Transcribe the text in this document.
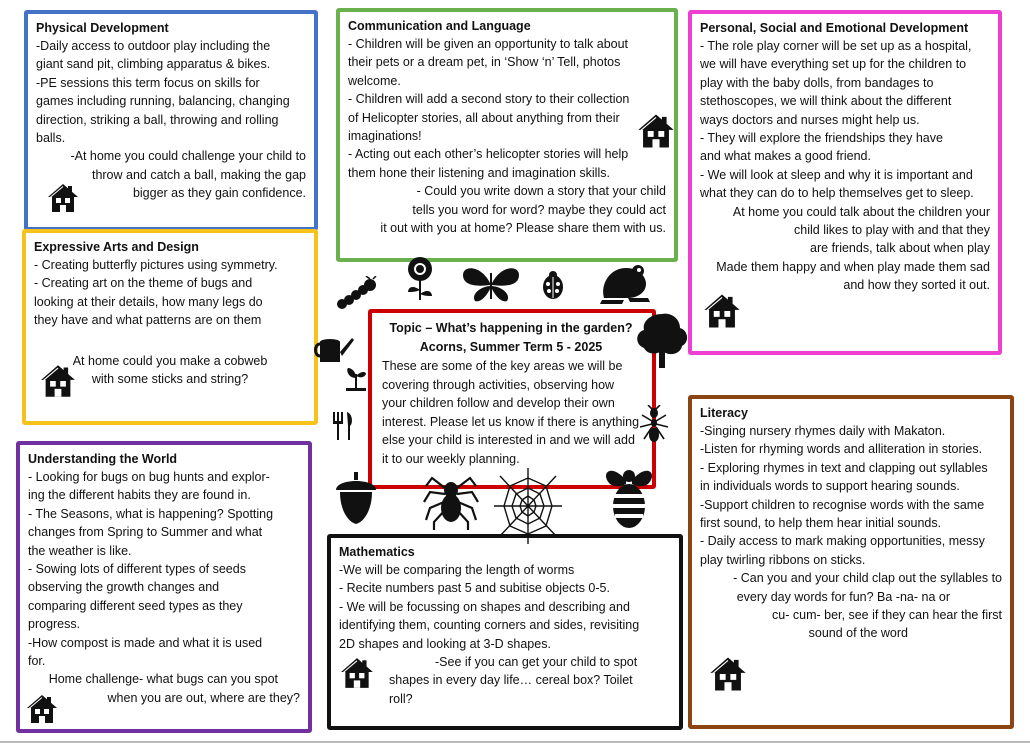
Physical Development

-Daily access to outdoor play including the

giant sand pit, climbing apparatus & bikes.

-PE sessions this term focus on skills for

games including running, balancing, changing

direction, striking a ball, throwing and rolling

balls.

-At home you could challenge your child to

throw and catch a ball, making the gap

bigger as they gain confidence.

Communication and Language

- Children will be given an opportunity to talk about

their pets or a dream pet, in ‘Show ‘n’ Tell, photos

welcome.

- Children will add a second story to their collection

of Helicopter stories, all about anything from their

imaginations!

- Acting out each other’s helicopter stories will help

them hone their listening and imagination skills.

- Could you write down a story that your child

tells you word for word? maybe they could act

it out with you at home? Please share them with us.

Personal, Social and Emotional Development

- The role play corner will be set up as a hospital,

we will have everything set up for the children to

play with the baby dolls, from bandages to

stethoscopes, we will think about the different

ways doctors and nurses might help us.

- They will explore the friendships they have

and what makes a good friend.

- We will look at sleep and why it is important and

what they can do to help themselves get to sleep.

At home you could talk about the children your

child likes to play with and that they

are friends, talk about when play

Made them happy and when play made them sad

and how they sorted it out.

Expressive Arts and Design

- Creating butterfly pictures using symmetry.

- Creating art on the theme of bugs and

looking at their details, how many legs do

they have and what patterns are on them

At home could you make a cobweb

with some sticks and string?

Topic – What’s happening in the garden?
Acorns, Summer Term 5 - 2025

These are some of the key areas we will be covering through activities, observing how your children follow and develop their own interest. Please let us know if there is anything else your child is interested in and we will add it to our weekly planning.

Literacy

-Singing nursery rhymes daily with Makaton.

-Listen for rhyming words and alliteration in stories.

- Exploring rhymes in text and clapping out syllables

in individuals words to support hearing sounds.

-Support children to recognise words with the same

first sound, to help them hear initial sounds.

- Daily access to mark making opportunities, messy

play twirling ribbons on sticks.

- Can you and your child clap out the syllables to

every day words for fun? Ba -na- na or

cu- cum- ber, see if they can hear the first

sound of the word

Understanding the World

- Looking for bugs on bug hunts and explor-

ing the different habits they are found in.

- The Seasons, what is happening? Spotting

changes from Spring to Summer and what

the weather is like.

- Sowing lots of different types of seeds

observing the growth changes and

comparing different seed types as they

progress.

-How compost is made and what it is used

for.

Home challenge- what bugs can you spot

when you are out, where are they?

Mathematics

-We will be comparing the length of worms

- Recite numbers past 5 and subitise objects 0-5.

- We will be focussing on shapes and describing and

identifying them, counting corners and sides, revisiting

2D shapes and looking at 3-D shapes.

-See if you can get your child to spot

shapes in every day life… cereal box? Toilet

roll?
